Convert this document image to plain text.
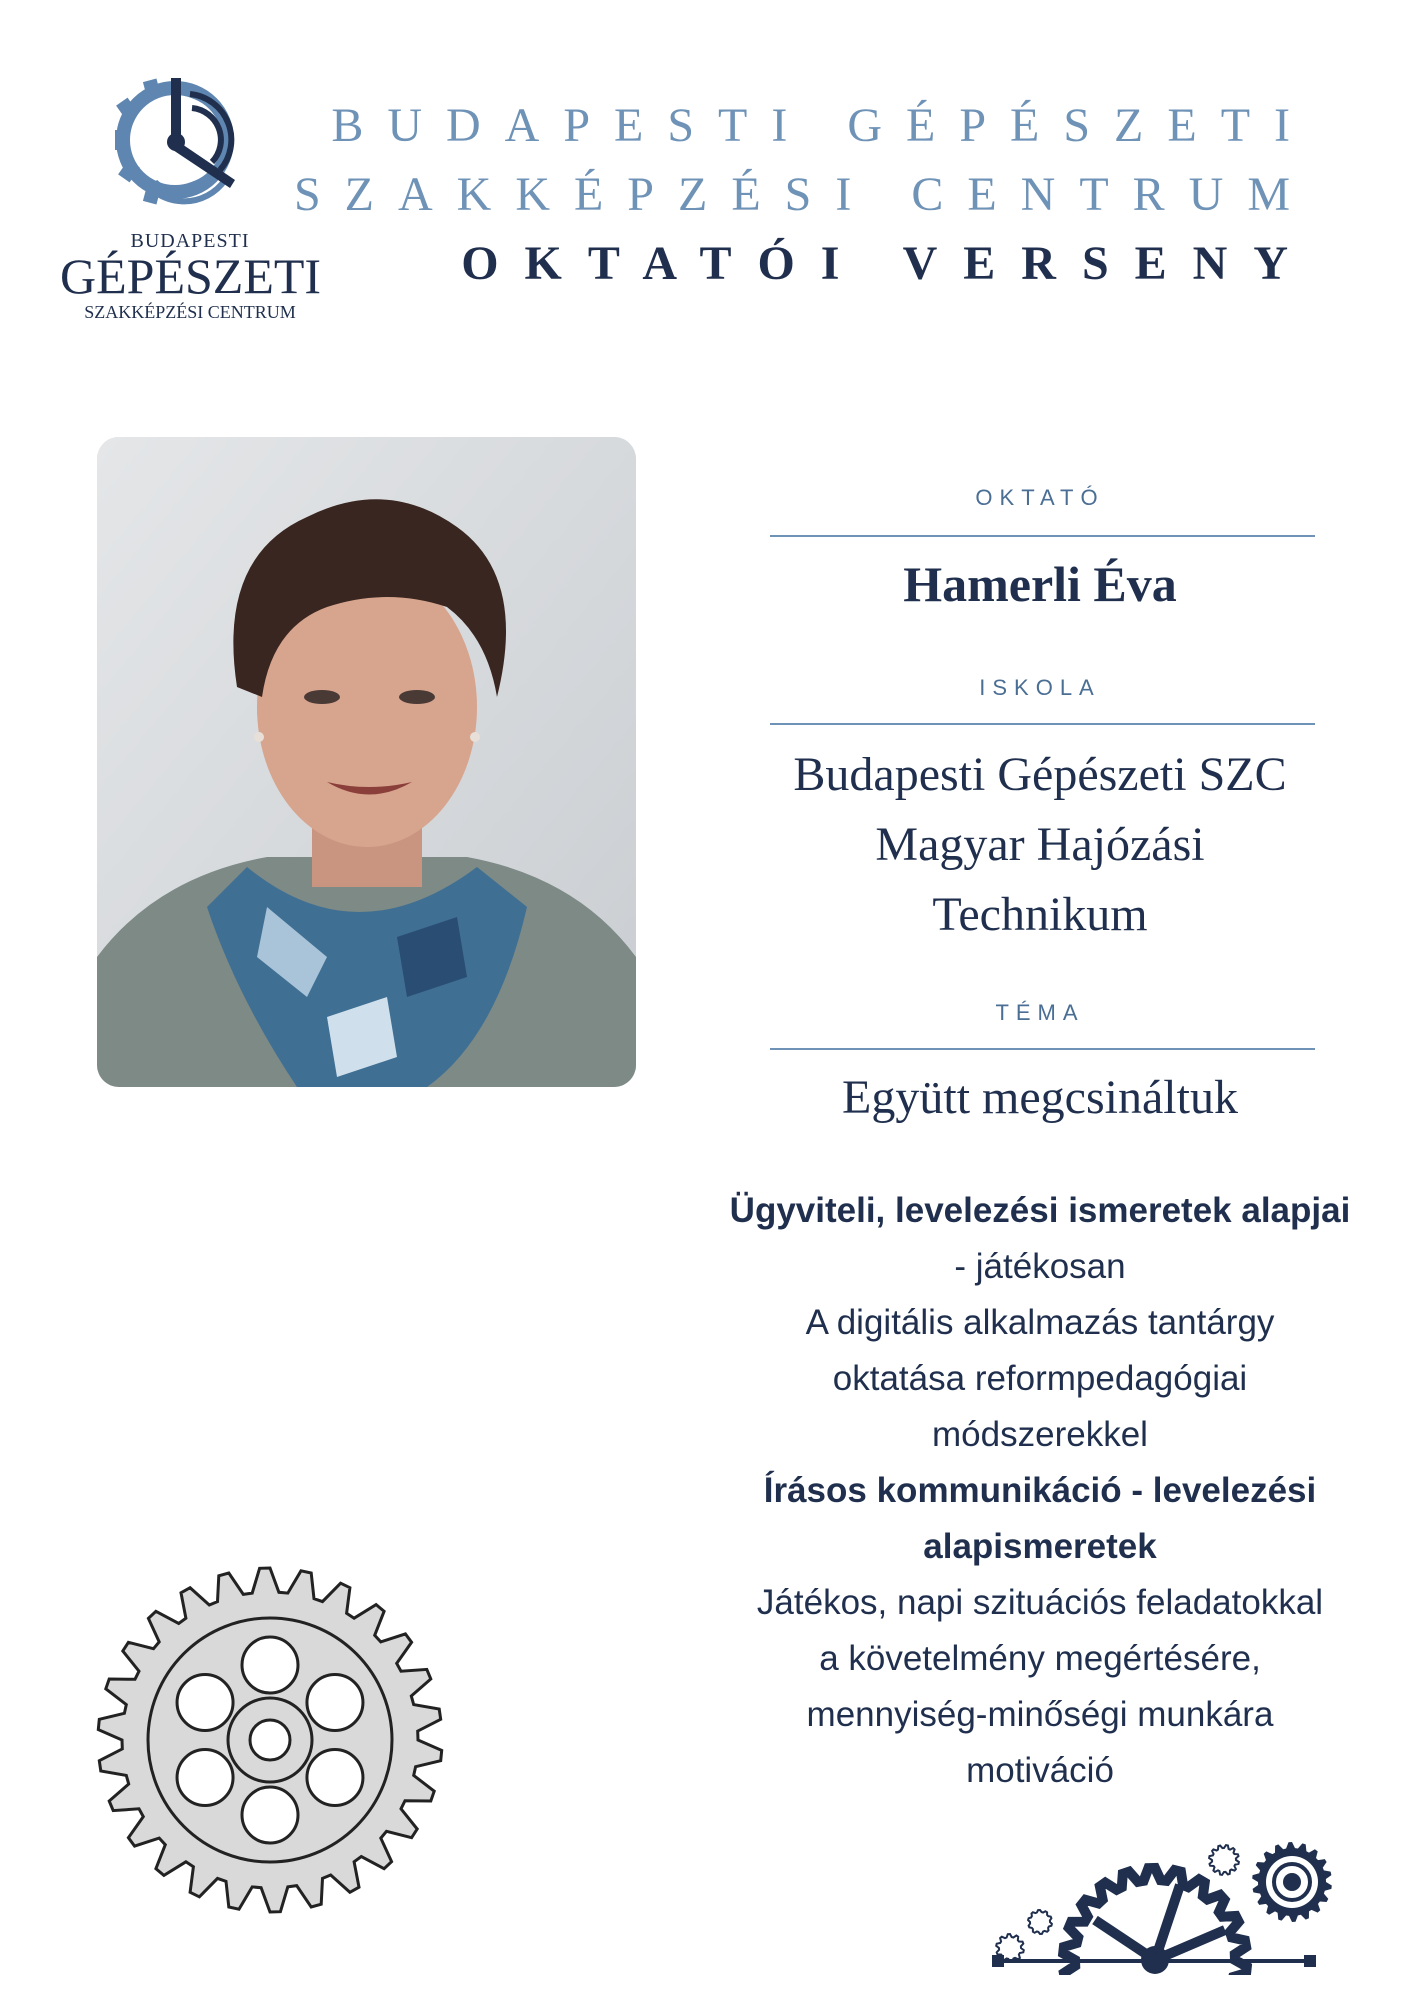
BUDAPESTI
GÉPÉSZETI
SZAKKÉPZÉSI CENTRUM
BUDAPESTI GÉPÉSZETI
SZAKKÉPZÉSI CENTRUM
OKTATÓI VERSENY
OKTATÓ
Hamerli Éva
ISKOLA
Budapesti Gépészeti SZC
Magyar Hajózási
Technikum
TÉMA
Együtt megcsináltuk
Ügyviteli, levelezési ismeretek alapjai
- játékosan
A digitális alkalmazás tantárgy
oktatása reformpedagógiai
módszerekkel
Írásos kommunikáció - levelezési
alapismeretek
Játékos, napi szituációs feladatokkal
a követelmény megértésére,
mennyiség-minőségi munkára
motiváció
